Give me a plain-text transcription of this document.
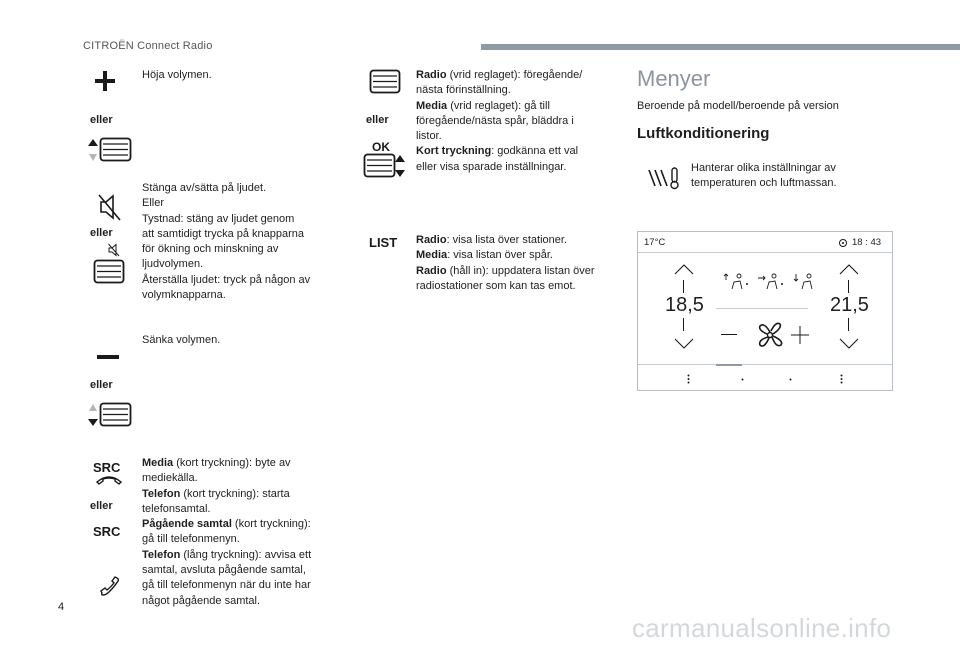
CITROËN Connect Radio
Höja volymen.
eller
Stänga av/sätta på ljudet.
Eller
Tystnad: stäng av ljudet genom
att samtidigt trycka på knapparna
för ökning och minskning av
ljudvolymen.
Återställa ljudet: tryck på någon av
volymknapparna.
eller
Sänka volymen.
eller
SRC
eller
SRC
Media (kort tryckning): byte av
mediekälla.
Telefon (kort tryckning): starta
telefonsamtal.
Pågående samtal (kort tryckning):
gå till telefonmenyn.
Telefon (lång tryckning): avvisa ett
samtal, avsluta pågående samtal,
gå till telefonmenyn när du inte har
något pågående samtal.
eller
OK
Radio (vrid reglaget): föregående/
nästa förinställning.
Media (vrid reglaget): gå till
föregående/nästa spår, bläddra i
listor.
Kort tryckning: godkänna ett val
eller visa sparade inställningar.
LIST Radio: visa lista över stationer.
Media: visa listan över spår.
Radio (håll in): uppdatera listan över
radiostationer som kan tas emot.
Menyer
Beroende på modell/beroende på version
Luftkonditionering
Hanterar olika inställningar av
temperaturen och luftmassan.
17°C	18 : 43
18,5	21,5
4
carmanualsonline.info
